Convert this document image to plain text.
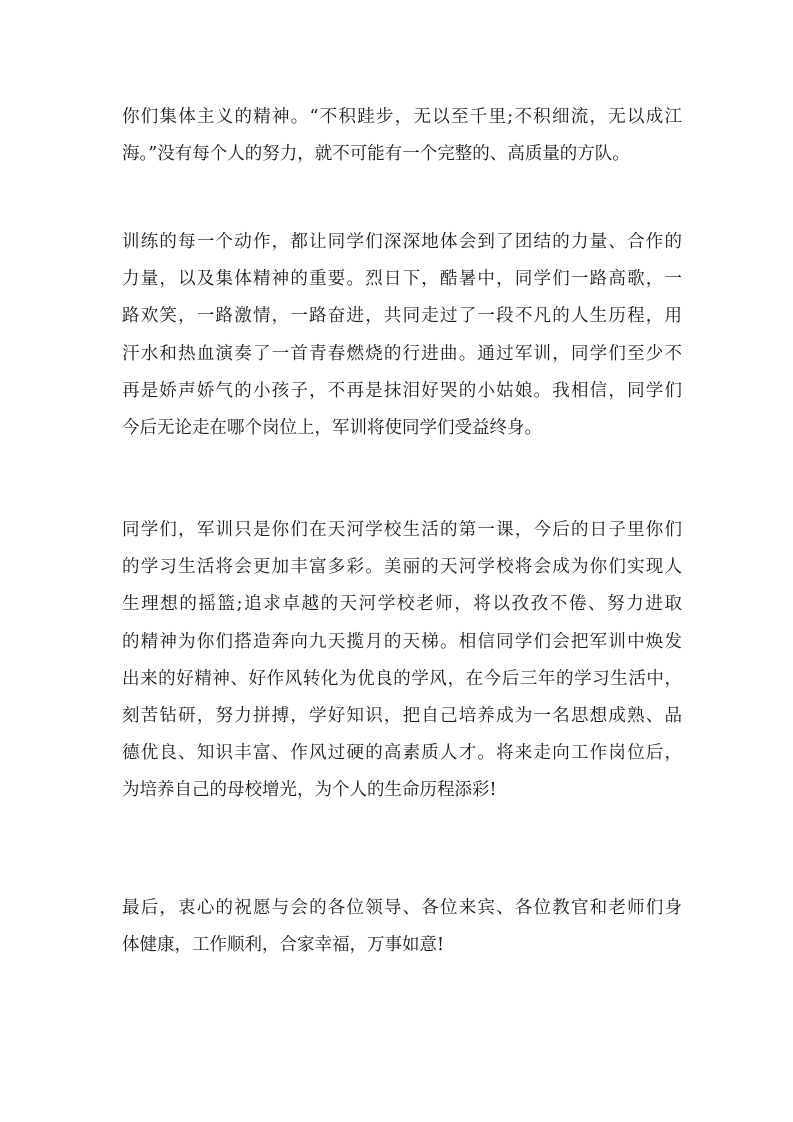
你们集体主义的精神。“不积跬步，无以至千里;不积细流，无以成江
海。”没有每个人的努力，就不可能有一个完整的、高质量的方队。
训练的每一个动作，都让同学们深深地体会到了团结的力量、合作的
力量，以及集体精神的重要。烈日下，酷暑中，同学们一路高歌，一
路欢笑，一路激情，一路奋进，共同走过了一段不凡的人生历程，用
汗水和热血演奏了一首青春燃烧的行进曲。通过军训，同学们至少不
再是娇声娇气的小孩子，不再是抹泪好哭的小姑娘。我相信，同学们
今后无论走在哪个岗位上，军训将使同学们受益终身。
同学们，军训只是你们在天河学校生活的第一课，今后的日子里你们
的学习生活将会更加丰富多彩。美丽的天河学校将会成为你们实现人
生理想的摇篮;追求卓越的天河学校老师，将以孜孜不倦、努力进取
的精神为你们搭造奔向九天揽月的天梯。相信同学们会把军训中焕发
出来的好精神、好作风转化为优良的学风，在今后三年的学习生活中，
刻苦钻研，努力拼搏，学好知识，把自己培养成为一名思想成熟、品
德优良、知识丰富、作风过硬的高素质人才。将来走向工作岗位后，
为培养自己的母校增光，为个人的生命历程添彩!
最后，衷心的祝愿与会的各位领导、各位来宾、各位教官和老师们身
体健康，工作顺利，合家幸福，万事如意!
